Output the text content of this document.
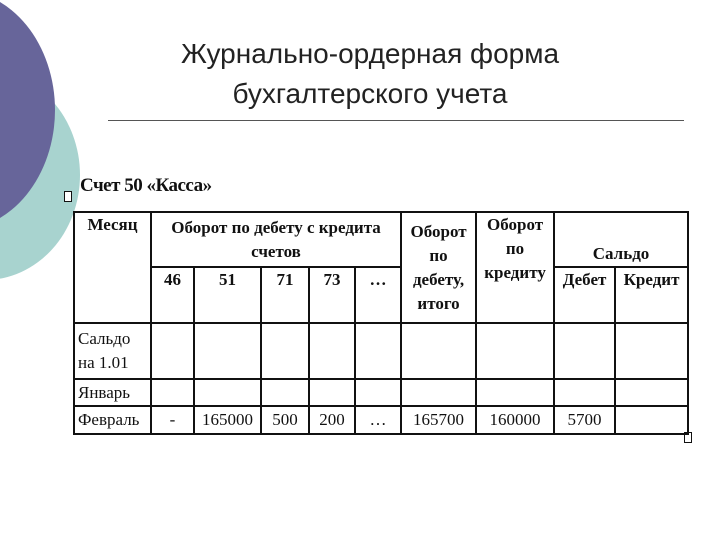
Журнально-ордерная форма
бухгалтерского учета
Счет 50 «Касса»
Месяц	Оборот по дебету с кредита счетов					Оборот по дебету, итого	Оборот по кредиту	Сальдо	
	46	51	71	73	…			Дебет	Кредит
Сальдо на 1.01									
Январь									
Февраль	-	165000	500	200	…	165700	160000	5700	
